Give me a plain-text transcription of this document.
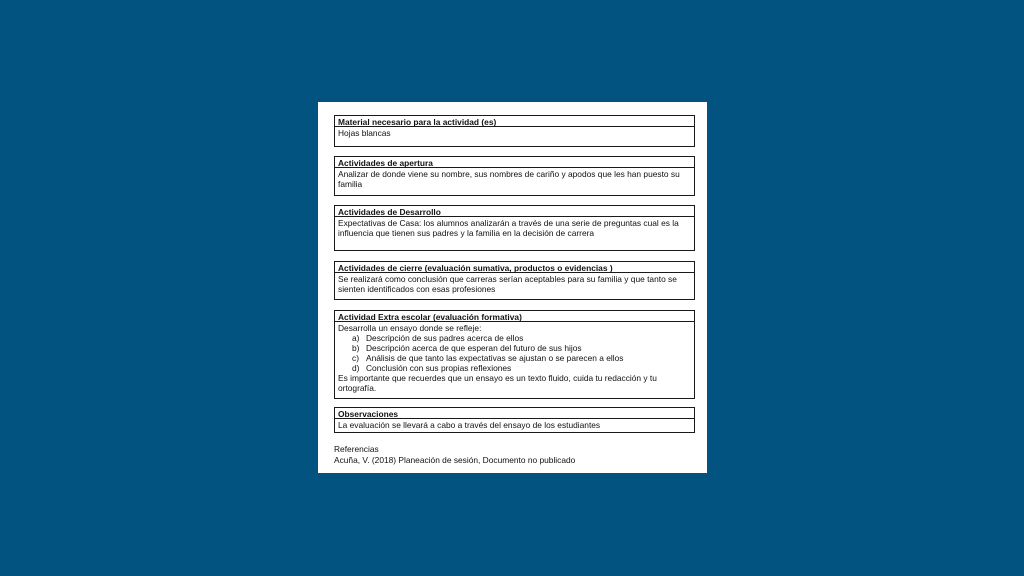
Material necesario para la actividad (es)
Hojas blancas
Actividades de apertura
Analizar de donde viene su nombre, sus nombres de cariño y apodos que les han puesto su familia
Actividades de Desarrollo
Expectativas de Casa: los alumnos analizarán a través de una serie de preguntas cual es la influencia que tienen sus padres y la familia en la decisión de carrera
Actividades de cierre (evaluación sumativa, productos o evidencias )
Se realizará como conclusión que carreras serían aceptables para su familia y que tanto se sienten identificados con esas profesiones
Actividad Extra escolar (evaluación formativa)
Desarrolla un ensayo donde se refleje:
a) Descripción de sus padres acerca de ellos
b) Descripción acerca de que esperan del futuro de sus hijos
c) Análisis de que tanto las expectativas se ajustan o se parecen a ellos
d) Conclusión con sus propias reflexiones
Es importante que recuerdes que un ensayo es un texto fluido, cuida tu redacción y tu ortografía.
Observaciones
La evaluación se llevará a cabo a través del ensayo de los estudiantes
Referencias
Acuña, V. (2018) Planeación de sesión, Documento no publicado
